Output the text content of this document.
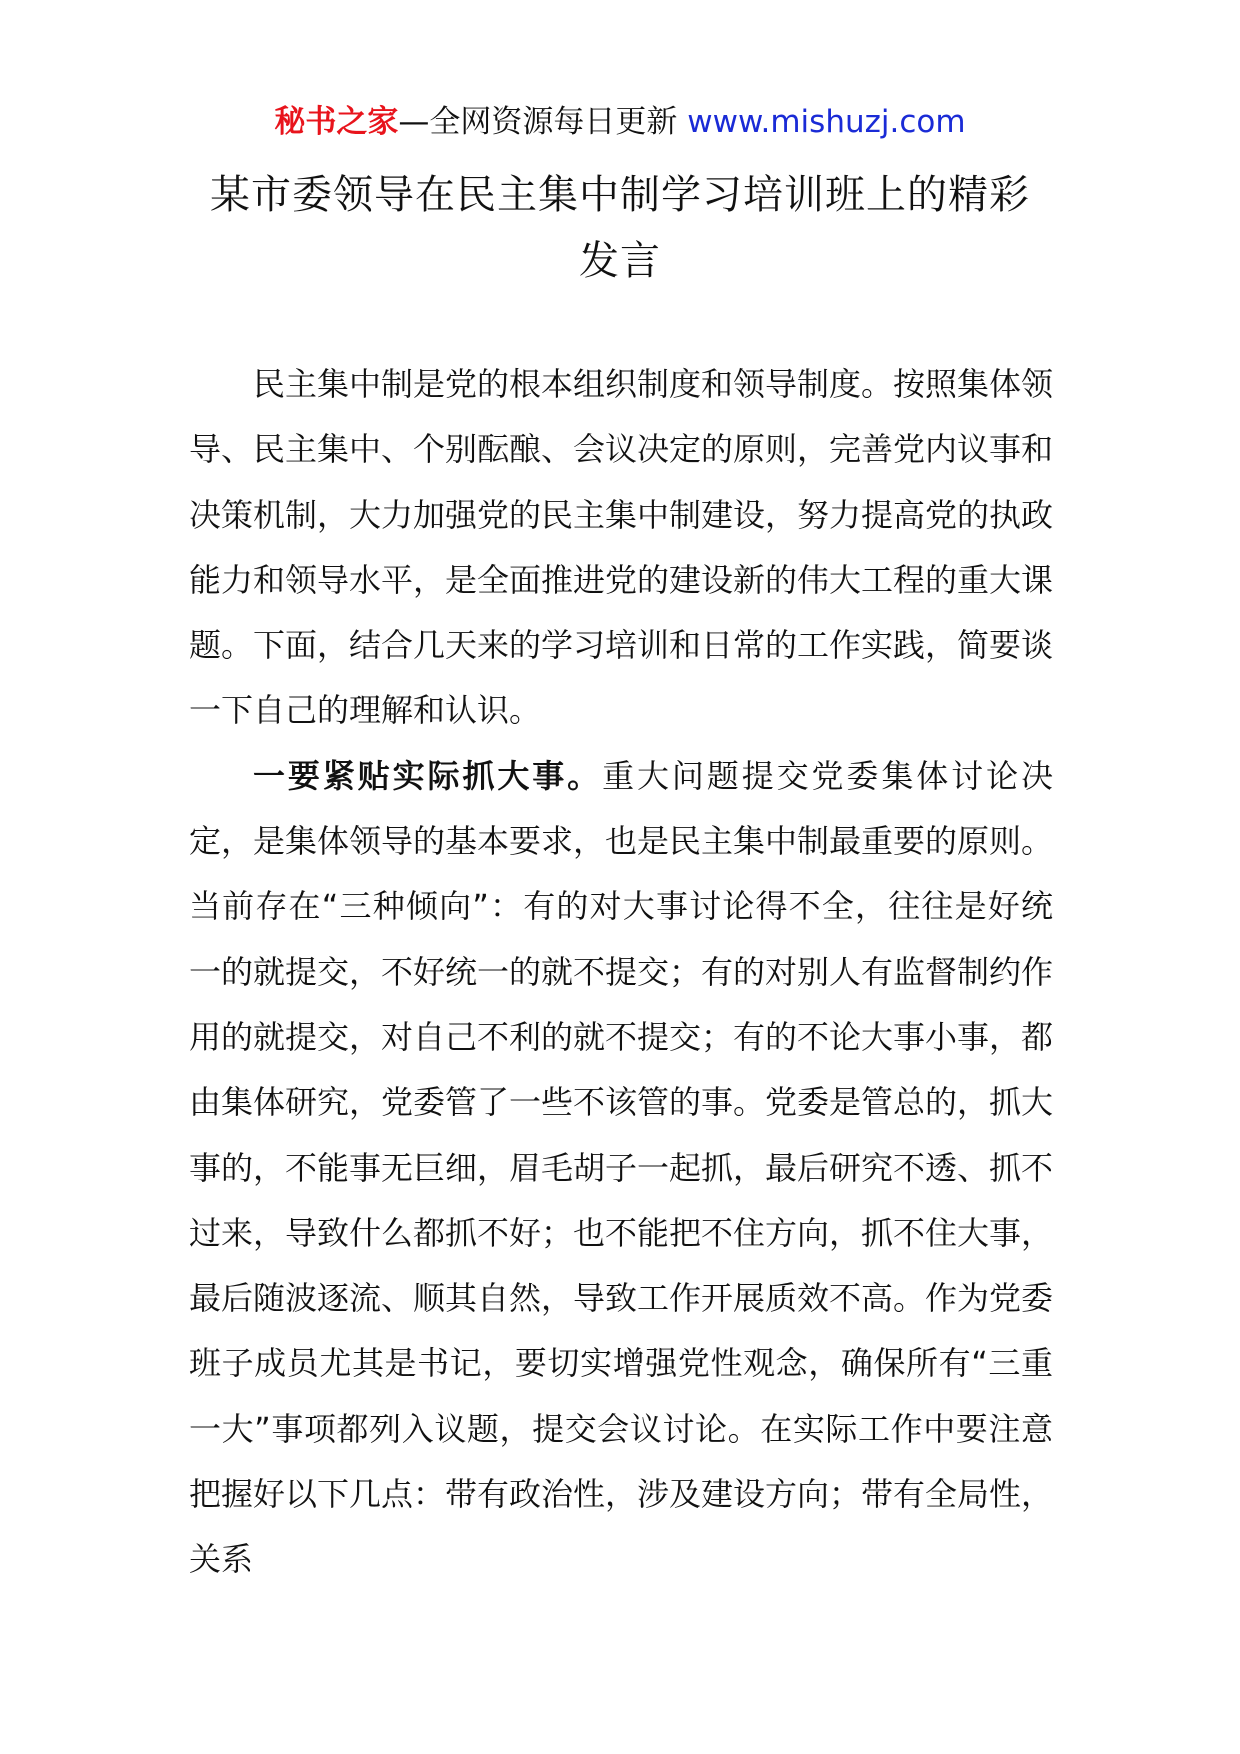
秘书之家—全网资源每日更新 www.mishuzj.com
某市委领导在民主集中制学习培训班上的精彩发言

民主集中制是党的根本组织制度和领导制度。按照集体领导、民主集中、个别酝酿、会议决定的原则，完善党内议事和决策机制，大力加强党的民主集中制建设，努力提高党的执政能力和领导水平，是全面推进党的建设新的伟大工程的重大课题。下面，结合几天来的学习培训和日常的工作实践，简要谈一下自己的理解和认识。

一要紧贴实际抓大事。重大问题提交党委集体讨论决定，是集体领导的基本要求，也是民主集中制最重要的原则。当前存在“三种倾向”：有的对大事讨论得不全，往往是好统一的就提交，不好统一的就不提交；有的对别人有监督制约作用的就提交，对自己不利的就不提交；有的不论大事小事，都由集体研究，党委管了一些不该管的事。党委是管总的，抓大事的，不能事无巨细，眉毛胡子一起抓，最后研究不透、抓不过来，导致什么都抓不好；也不能把不住方向，抓不住大事，最后随波逐流、顺其自然，导致工作开展质效不高。作为党委班子成员尤其是书记，要切实增强党性观念，确保所有“三重一大”事项都列入议题，提交会议讨论。在实际工作中要注意把握好以下几点：带有政治性，涉及建设方向；带有全局性，关系
